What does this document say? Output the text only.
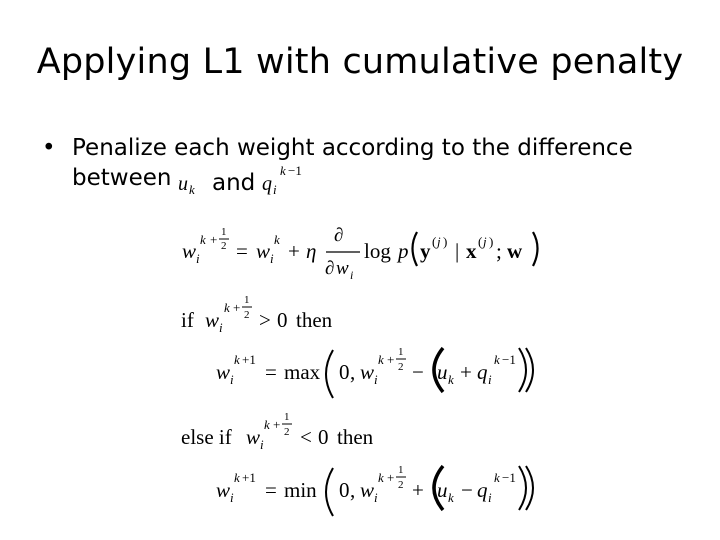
Applying L1 with cumulative penalty
• Penalize each weight according to the difference
between u k and q i
k −1
w i
k + 1
2 = w i
k + η
∂
∂ w i
log p y ( j ) | x ( j ) ; w
if w i
k + 1
2 > 0 then
w i
k +1
= max 0 , w i
k + 1
2 − u k + q i
k −1
else if w i
k + 1
2 < 0 then
w i
k +1
= min 0 , w i
k + 1
2 + u k − q i
k −1
